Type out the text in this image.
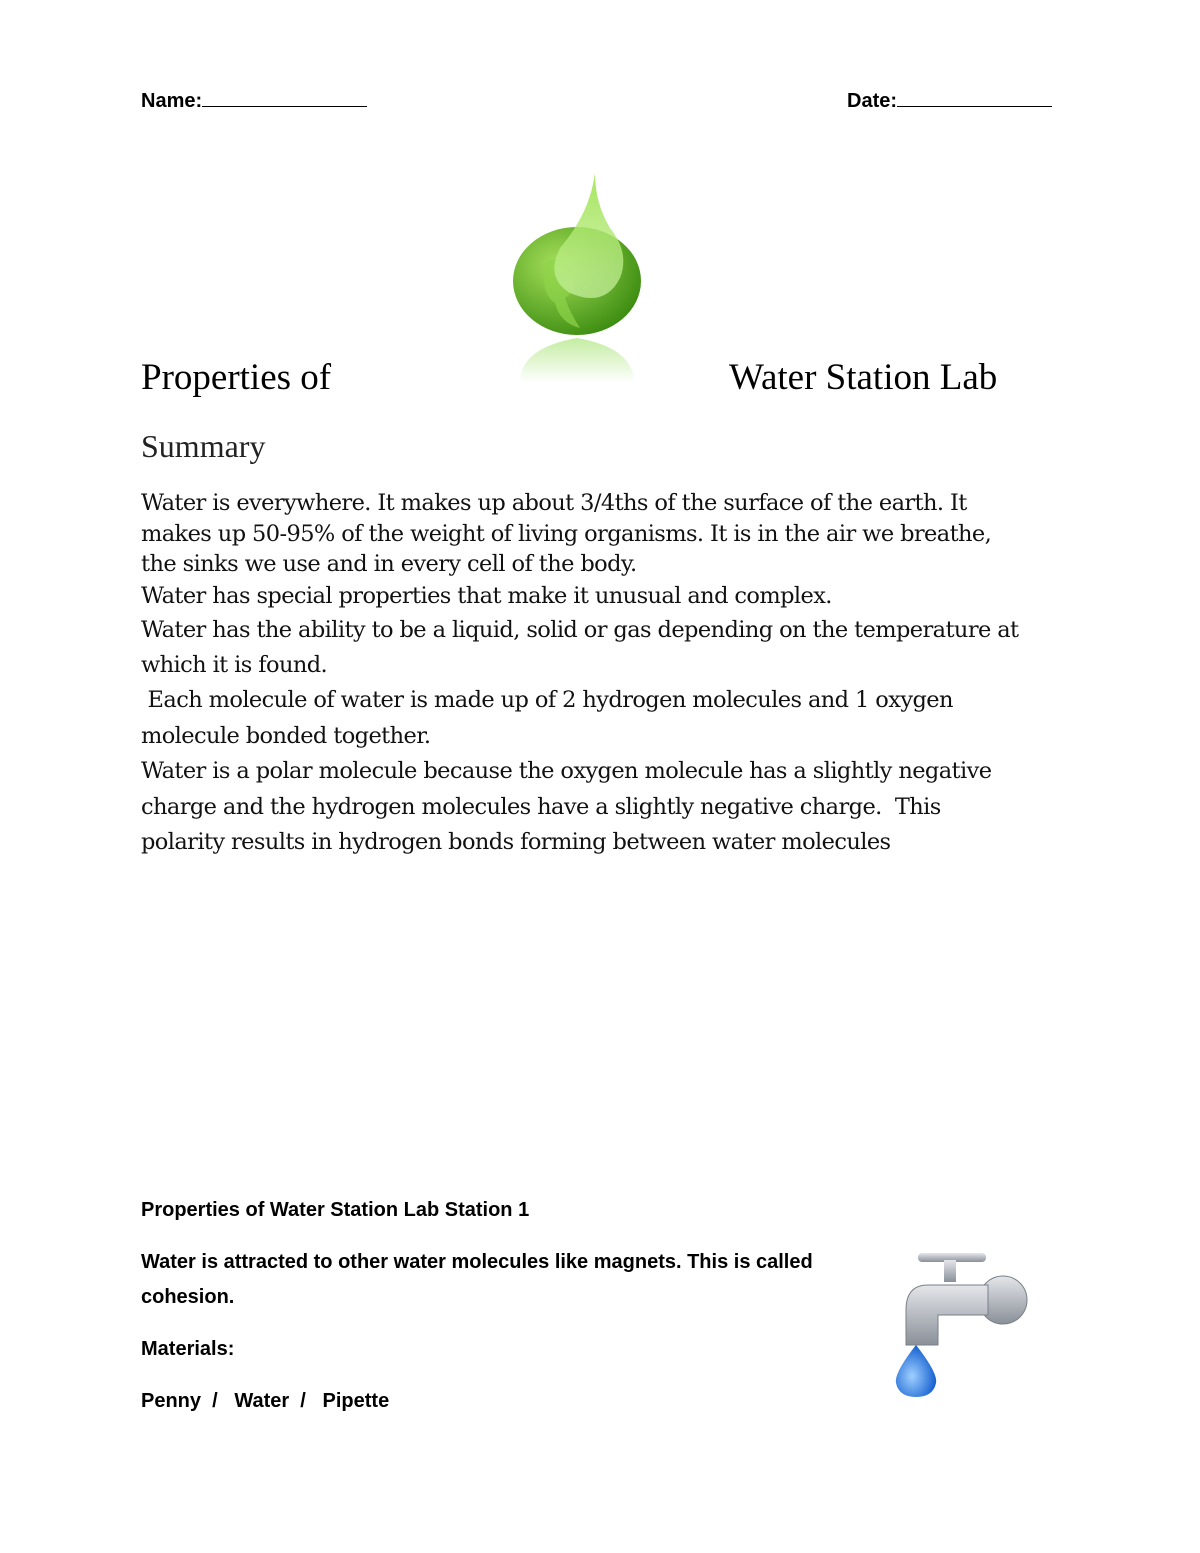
Name:	Date:
Properties of	Water Station Lab
Summary
Water is everywhere. It makes up about 3/4ths of the surface of the earth. It
makes up 50-95% of the weight of living organisms. It is in the air we breathe,
the sinks we use and in every cell of the body.
Water has special properties that make it unusual and complex.
Water has the ability to be a liquid, solid or gas depending on the temperature at
which it is found.
Each molecule of water is made up of 2 hydrogen molecules and 1 oxygen
molecule bonded together.
Water is a polar molecule because the oxygen molecule has a slightly negative
charge and the hydrogen molecules have a slightly negative charge.  This
polarity results in hydrogen bonds forming between water molecules
Properties of Water Station Lab Station 1
Water is attracted to other water molecules like magnets. This is called
cohesion.
Materials:
Penny  /   Water  /   Pipette
